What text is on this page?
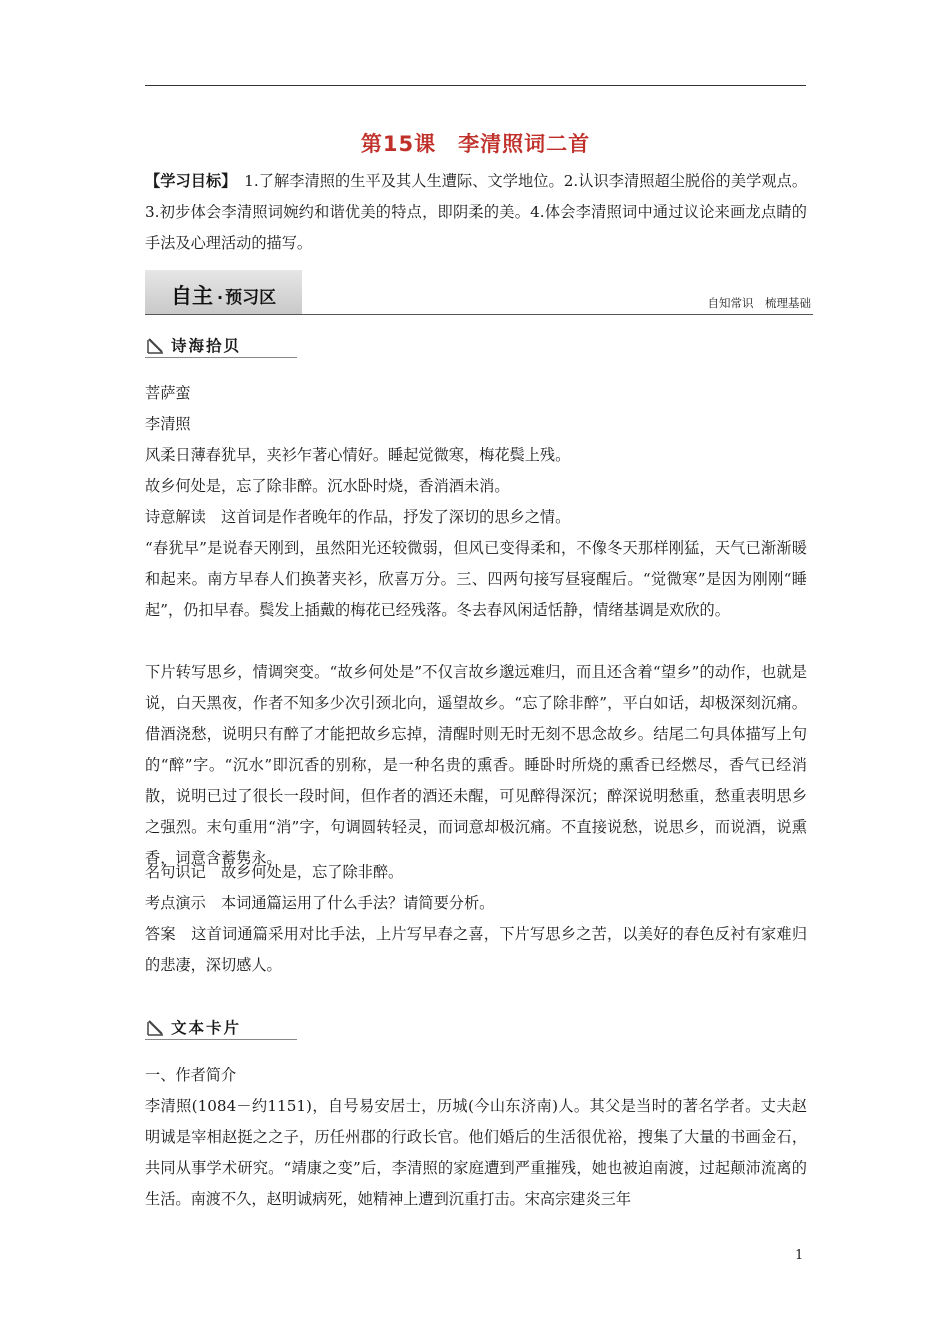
第15课　李清照词二首

【学习目标】　1.了解李清照的生平及其人生遭际、文学地位。2.认识李清照超尘脱俗的美学观点。3.初步体会李清照词婉约和谐优美的特点，即阴柔的美。4.体会李清照词中通过议论来画龙点睛的手法及心理活动的描写。

自主 · 预习区	自知常识　梳理基础
诗海拾贝
菩萨蛮
李清照
风柔日薄春犹早，夹衫乍著心情好。睡起觉微寒，梅花鬓上残。
故乡何处是，忘了除非醉。沉水卧时烧，香消酒未消。
诗意解读　这首词是作者晚年的作品，抒发了深切的思乡之情。

“春犹早”是说春天刚到，虽然阳光还较微弱，但风已变得柔和，不像冬天那样刚猛，天气已渐渐暖和起来。南方早春人们换著夹衫，欣喜万分。三、四两句接写昼寝醒后。“觉微寒”是因为刚刚“睡起”，仍扣早春。鬓发上插戴的梅花已经残落。冬去春风闲适恬静，情绪基调是欢欣的。

下片转写思乡，情调突变。“故乡何处是”不仅言故乡邈远难归，而且还含着“望乡”的动作，也就是说，白天黑夜，作者不知多少次引颈北向，遥望故乡。“忘了除非醉”，平白如话，却极深刻沉痛。借酒浇愁，说明只有醉了才能把故乡忘掉，清醒时则无时无刻不思念故乡。结尾二句具体描写上句的“醉”字。“沉水”即沉香的别称，是一种名贵的熏香。睡卧时所烧的熏香已经燃尽，香气已经消散，说明已过了很长一段时间，但作者的酒还未醒，可见醉得深沉；醉深说明愁重，愁重表明思乡之强烈。末句重用“消”字，句调圆转轻灵，而词意却极沉痛。不直接说愁，说思乡，而说酒，说熏香，词意含蓄隽永。

名句识记　故乡何处是，忘了除非醉。
考点演示　本词通篇运用了什么手法？请简要分析。

答案　这首词通篇采用对比手法，上片写早春之喜，下片写思乡之苦，以美好的春色反衬有家难归的悲凄，深切感人。

文本卡片
一、作者简介

李清照(1084－约1151)，自号易安居士，历城(今山东济南)人。其父是当时的著名学者。丈夫赵明诚是宰相赵挺之之子，历任州郡的行政长官。他们婚后的生活很优裕，搜集了大量的书画金石，共同从事学术研究。“靖康之变”后，李清照的家庭遭到严重摧残，她也被迫南渡，过起颠沛流离的生活。南渡不久，赵明诚病死，她精神上遭到沉重打击。宋高宗建炎三年

1
